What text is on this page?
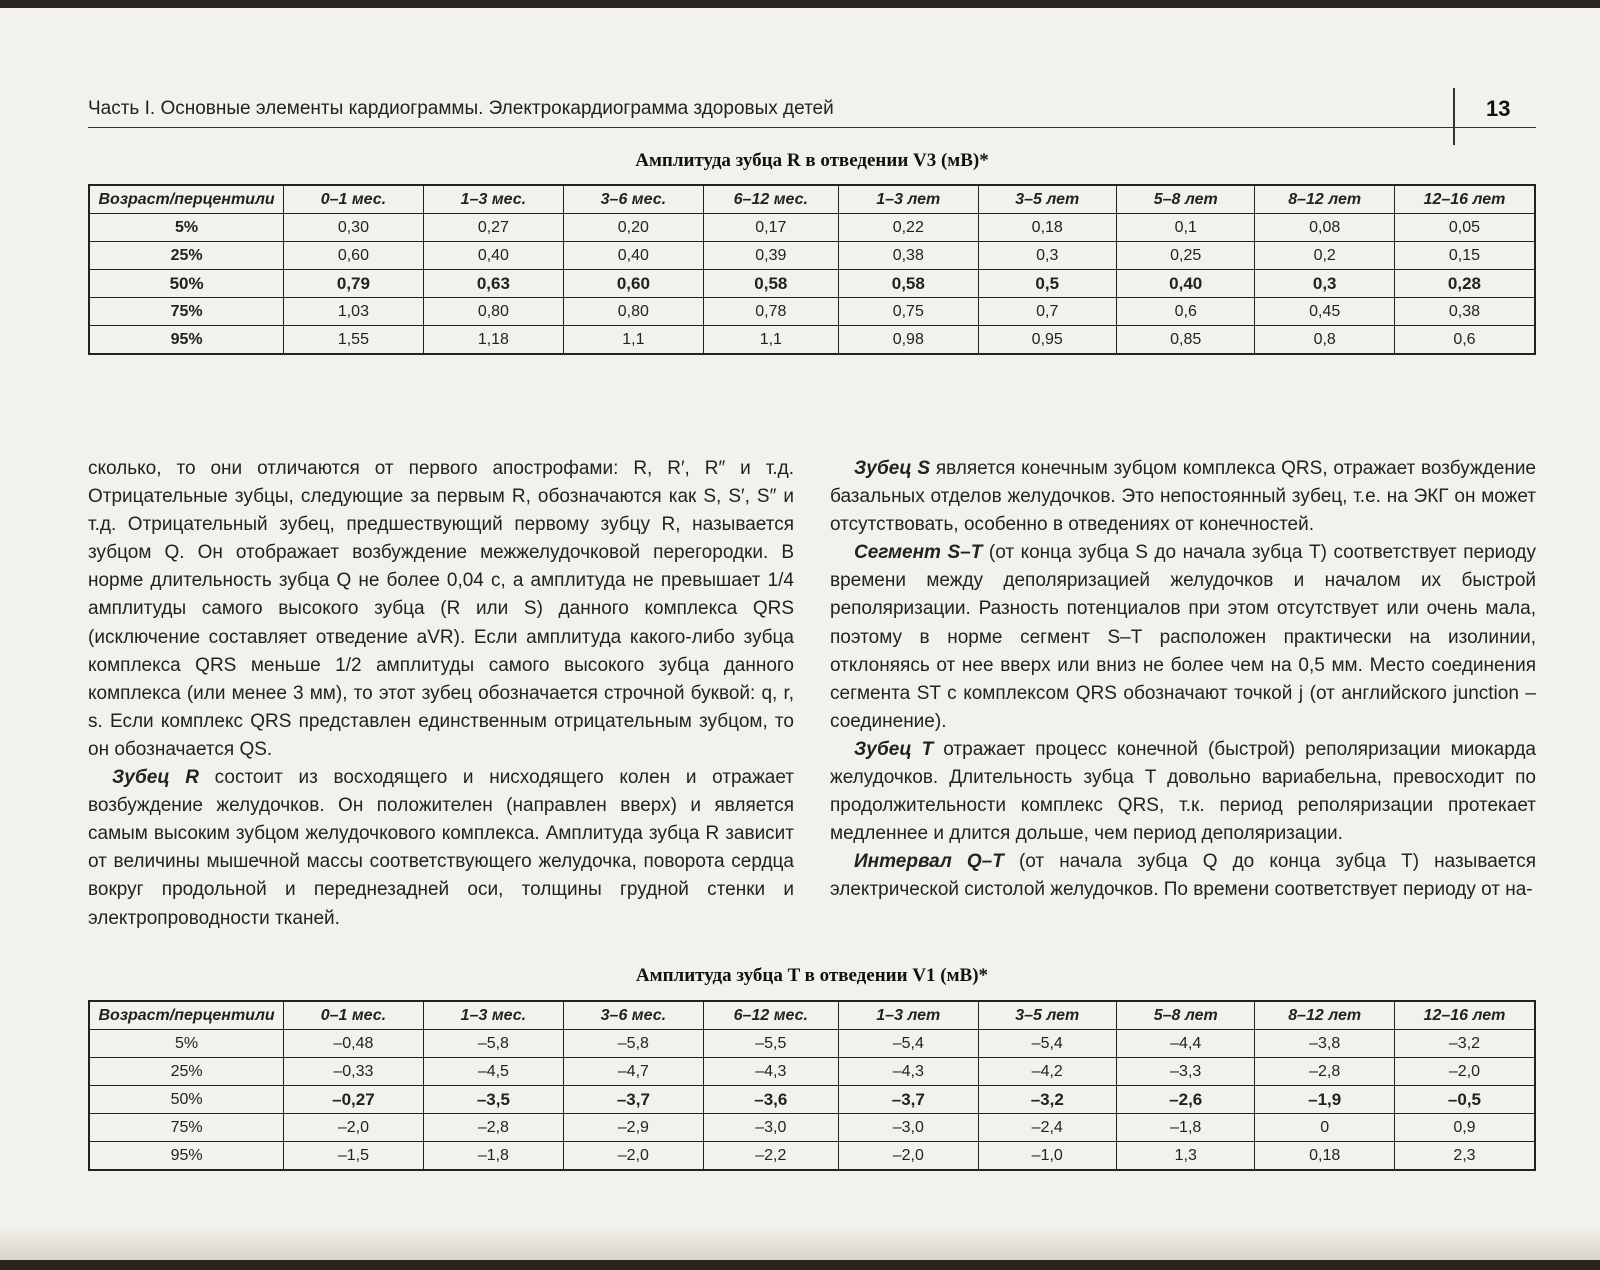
Часть I. Основные элементы кардиограммы. Электрокардиограмма здоровых детей	13
Амплитуда зубца R в отведении V3 (мВ)*
Возраст/перцентили	0–1 мес.	1–3 мес.	3–6 мес.	6–12 мес.	1–3 лет	3–5 лет	5–8 лет	8–12 лет	12–16 лет
5%	0,30	0,27	0,20	0,17	0,22	0,18	0,1	0,08	0,05
25%	0,60	0,40	0,40	0,39	0,38	0,3	0,25	0,2	0,15
50%	0,79	0,63	0,60	0,58	0,58	0,5	0,40	0,3	0,28
75%	1,03	0,80	0,80	0,78	0,75	0,7	0,6	0,45	0,38
95%	1,55	1,18	1,1	1,1	0,98	0,95	0,85	0,8	0,6

сколько, то они отличаются от первого апострофами: R, R′, R″ и т.д. Отрицательные зубцы, следующие за первым R, обозначаются как S, S′, S″ и т.д. Отрицательный зубец, предшествующий первому зубцу R, называется зубцом Q. Он отображает возбуждение межжелудочковой перегородки. В норме длительность зубца Q не более 0,04 с, а амплитуда не превышает 1/4 амплитуды самого высокого зубца (R или S) данного комплекса QRS (исключение составляет отведение aVR). Если амплитуда какого-либо зубца комплекса QRS меньше 1/2 амплитуды самого высокого зубца данного комплекса (или менее 3 мм), то этот зубец обозначается строчной буквой: q, r, s. Если комплекс QRS представлен единственным отрицательным зубцом, то он обозначается QS.

Зубец R состоит из восходящего и нисходящего колен и отражает возбуждение желудочков. Он положителен (направлен вверх) и является самым высоким зубцом желудочкового комплекса. Амплитуда зубца R зависит от величины мышечной массы соответствующего желудочка, поворота сердца вокруг продольной и переднезадней оси, толщины грудной стенки и электропроводности тканей.

Зубец S является конечным зубцом комплекса QRS, отражает возбуждение базальных отделов желудочков. Это непостоянный зубец, т.е. на ЭКГ он может отсутствовать, особенно в отведениях от конечностей.

Сегмент S–T (от конца зубца S до начала зубца T) соответствует периоду времени между деполяризацией желудочков и началом их быстрой реполяризации. Разность потенциалов при этом отсутствует или очень мала, поэтому в норме сегмент S–T расположен практически на изолинии, отклоняясь от нее вверх или вниз не более чем на 0,5 мм. Место соединения сегмента ST с комплексом QRS обозначают точкой j (от английского junction – соединение).

Зубец T отражает процесс конечной (быстрой) реполяризации миокарда желудочков. Длительность зубца T довольно вариабельна, превосходит по продолжительности комплекс QRS, т.к. период реполяризации протекает медленнее и длится дольше, чем период деполяризации.

Интервал Q–T (от начала зубца Q до конца зубца T) называется электрической систолой желудочков. По времени соответствует периоду от на-

Амплитуда зубца T в отведении V1 (мВ)*
Возраст/перцентили	0–1 мес.	1–3 мес.	3–6 мес.	6–12 мес.	1–3 лет	3–5 лет	5–8 лет	8–12 лет	12–16 лет
5%	–0,48	–5,8	–5,8	–5,5	–5,4	–5,4	–4,4	–3,8	–3,2
25%	–0,33	–4,5	–4,7	–4,3	–4,3	–4,2	–3,3	–2,8	–2,0
50%	–0,27	–3,5	–3,7	–3,6	–3,7	–3,2	–2,6	–1,9	–0,5
75%	–2,0	–2,8	–2,9	–3,0	–3,0	–2,4	–1,8	0	0,9
95%	–1,5	–1,8	–2,0	–2,2	–2,0	–1,0	1,3	0,18	2,3
